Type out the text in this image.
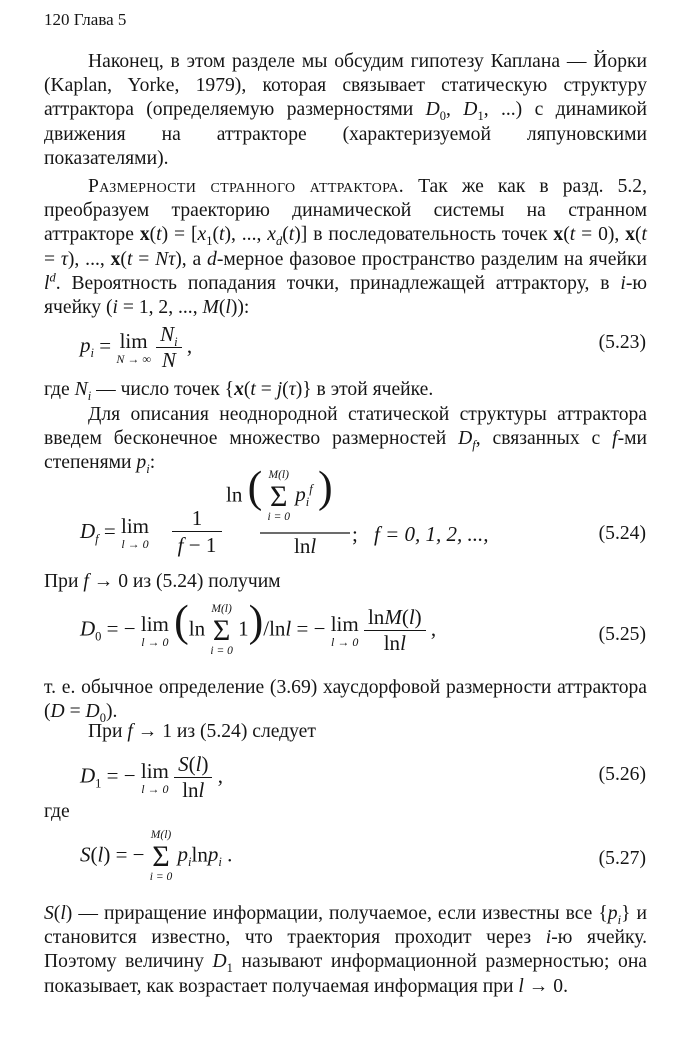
120 Глава 5

Наконец, в этом разделе мы обсудим гипотезу Каплана — Йорки (Kaplan, Yorke, 1979), которая связывает статическую структуру аттрактора (определяемую размерностями $D_0$, $D_1$, ...) с динамикой движения на аттракторе (характеризуемой ляпуновскими показателями).

Размерности странного аттрактора. Так же как в разд. 5.2, преобразуем траекторию динамической системы на странном аттракторе $x(t) = [x_1(t)$, ..., $x_d(t)$] в последовательность точек x(t = 0), x(t = τ), ..., x(t = Nτ), а d-мерное фазовое пространство разделим на ячейки $l^d$. Вероятность попадания точки, принадлежащей аттрактору, в i-ю ячейку (i = 1, 2, ..., M(l)):

$p_i = \lim$
N → ∞
$\frac{N_i}{N}$ ,	(5.23)

где $N_i$ — число точек {x(t = j(τ)} в этой ячейке.

Для описания неоднородной статической структуры аттрактора введем бесконечное множество размерностей $D_f$, связанных с f-ми степенями $p_i$:

$D_f = \lim$
l → 0
1
f − 1
ln ( M(l)
Σ
i = 0
$p_i^f$ )
lnl ; f = 0, 1, 2, ...,	(5.24)

При f → 0 из (5.24) получим

$D_0$ = − lim
l → 0 (ln
M(l)
Σ
i = 0
1)/lnl = − lim
l → 0
$\frac{\ln M(l)}{\ln l}$ ,	(5.25)

т. е. обычное определение (3.69) хаусдорфовой размерности аттрактора $(D = D_0)$.

При f → 1 из (5.24) следует

$D_1$ = − lim
l → 0
$\frac{S(l)}{\ln l}$ ,	(5.26)

где

S(l) = −
M(l)
Σ
i = 0
$p_i\ln p_i$ .	(5.27)

S(l) — приращение информации, получаемое, если известны все $\{p_i\}$ и становится известно, что траектория проходит через i-ю ячейку. Поэтому величину $D_1$ называют информационной размерностью; она показывает, как возрастает получаемая информация при l → 0.
